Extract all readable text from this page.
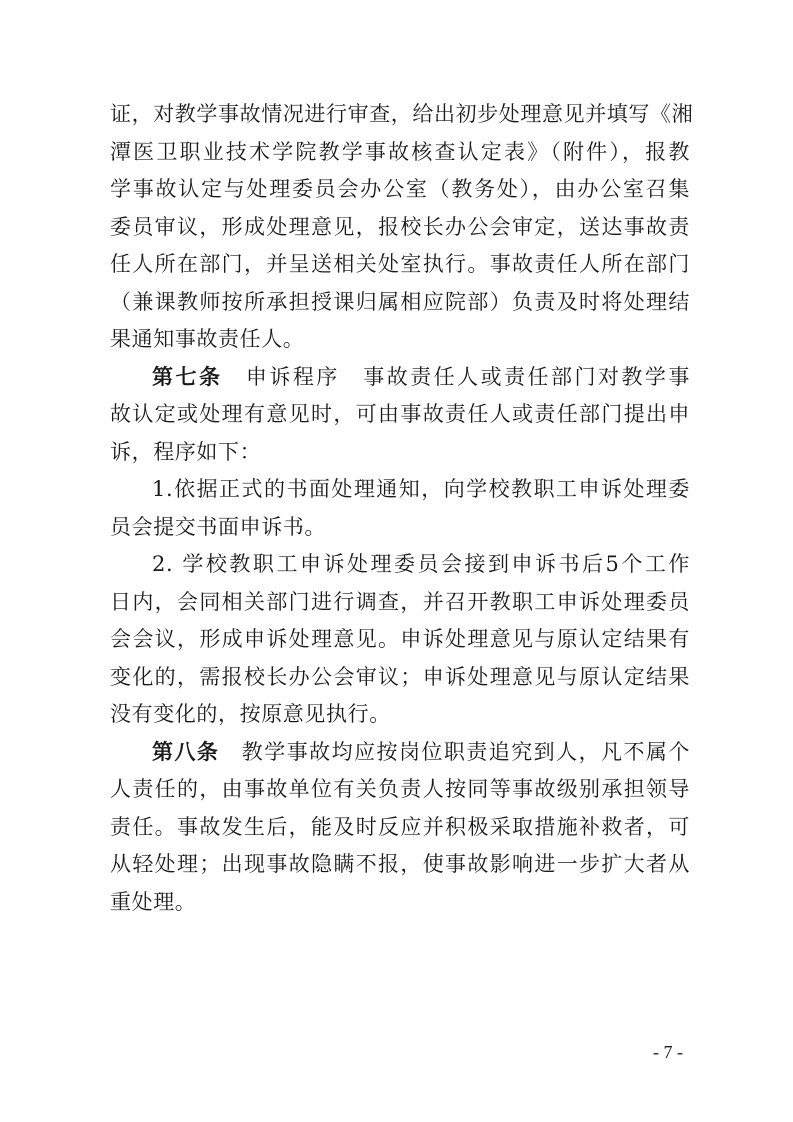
证，对教学事故情况进行审查，给出初步处理意见并填写《湘
潭医卫职业技术学院教学事故核查认定表》（附件），报教
学事故认定与处理委员会办公室（教务处），由办公室召集
委员审议，形成处理意见，报校长办公会审定，送达事故责
任人所在部门，并呈送相关处室执行。事故责任人所在部门
（兼课教师按所承担授课归属相应院部）负责及时将处理结
果通知事故责任人。
第七条　申诉程序　事故责任人或责任部门对教学事
故认定或处理有意见时，可由事故责任人或责任部门提出申
诉，程序如下：
1.依据正式的书面处理通知，向学校教职工申诉处理委
员会提交书面申诉书。
2. 学校教职工申诉处理委员会接到申诉书后5个工作
日内，会同相关部门进行调查，并召开教职工申诉处理委员
会会议，形成申诉处理意见。申诉处理意见与原认定结果有
变化的，需报校长办公会审议；申诉处理意见与原认定结果
没有变化的，按原意见执行。
第八条　教学事故均应按岗位职责追究到人，凡不属个
人责任的，由事故单位有关负责人按同等事故级别承担领导
责任。事故发生后，能及时反应并积极采取措施补救者，可
从轻处理；出现事故隐瞒不报，使事故影响进一步扩大者从
重处理。
- 7 -
